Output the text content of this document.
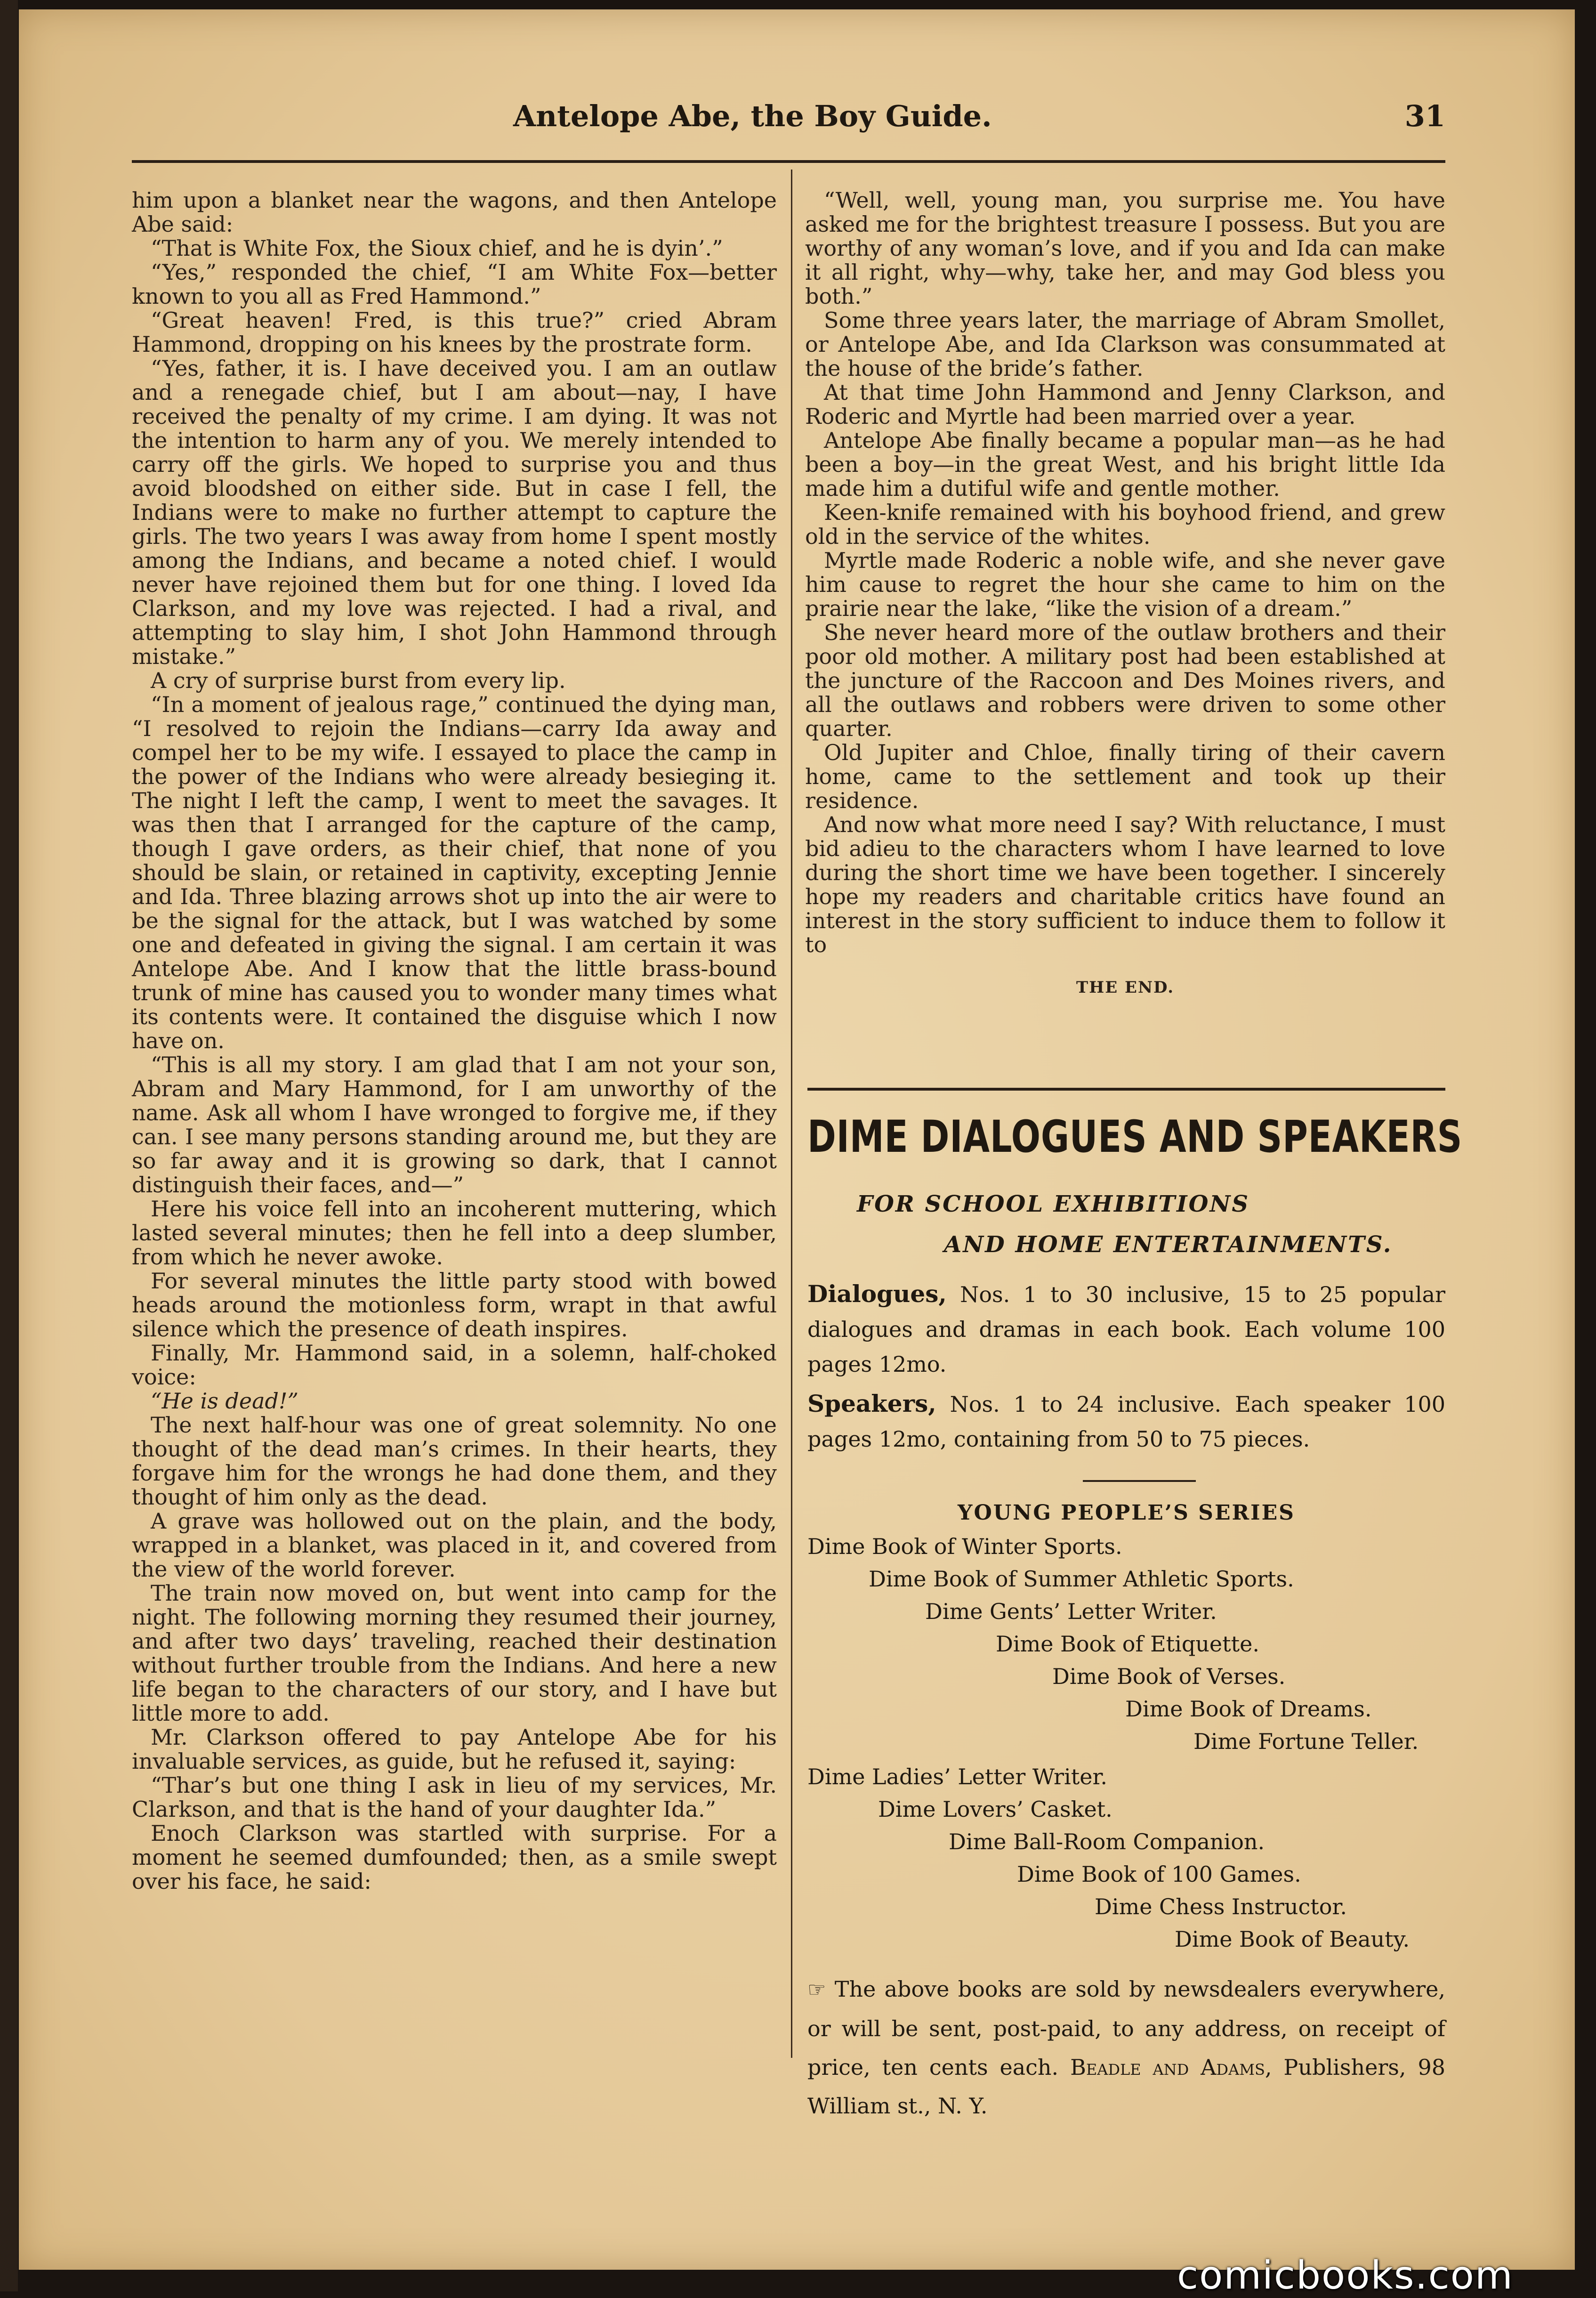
Antelope Abe, the Boy Guide.	31

him upon a blanket near the wagons, and then Antelope Abe said:

“That is White Fox, the Sioux chief, and he is dyin’.”

“Yes,” responded the chief, “I am White Fox—better known to you all as Fred Hammond.”

“Great heaven! Fred, is this true?” cried Abram Hammond, dropping on his knees by the prostrate form.

“Yes, father, it is. I have deceived you. I am an outlaw and a renegade chief, but I am about—nay, I have received the penalty of my crime. I am dying. It was not the intention to harm any of you. We merely intended to carry off the girls. We hoped to surprise you and thus avoid bloodshed on either side. But in case I fell, the Indians were to make no further attempt to capture the girls. The two years I was away from home I spent mostly among the Indians, and became a noted chief. I would never have rejoined them but for one thing. I loved Ida Clarkson, and my love was rejected. I had a rival, and attempting to slay him, I shot John Hammond through mistake.”

A cry of surprise burst from every lip.

“In a moment of jealous rage,” continued the dying man, “I resolved to rejoin the Indians—carry Ida away and compel her to be my wife. I essayed to place the camp in the power of the Indians who were already besieging it. The night I left the camp, I went to meet the savages. It was then that I arranged for the capture of the camp, though I gave orders, as their chief, that none of you should be slain, or retained in captivity, excepting Jennie and Ida. Three blazing arrows shot up into the air were to be the signal for the attack, but I was watched by some one and defeated in giving the signal. I am certain it was Antelope Abe. And I know that the little brass-bound trunk of mine has caused you to wonder many times what its contents were. It contained the disguise which I now have on.

“This is all my story. I am glad that I am not your son, Abram and Mary Hammond, for I am unworthy of the name. Ask all whom I have wronged to forgive me, if they can. I see many persons standing around me, but they are so far away and it is growing so dark, that I cannot distinguish their faces, and—”

Here his voice fell into an incoherent muttering, which lasted several minutes; then he fell into a deep slumber, from which he never awoke.

For several minutes the little party stood with bowed heads around the motionless form, wrapt in that awful silence which the presence of death inspires.

Finally, Mr. Hammond said, in a solemn, half-choked voice:

“He is dead!”

The next half-hour was one of great solemnity. No one thought of the dead man’s crimes. In their hearts, they forgave him for the wrongs he had done them, and they thought of him only as the dead.

A grave was hollowed out on the plain, and the body, wrapped in a blanket, was placed in it, and covered from the view of the world forever.

The train now moved on, but went into camp for the night. The following morning they resumed their journey, and after two days’ traveling, reached their destination without further trouble from the Indians. And here a new life began to the characters of our story, and I have but little more to add.

Mr. Clarkson offered to pay Antelope Abe for his invaluable services, as guide, but he refused it, saying:

“Thar’s but one thing I ask in lieu of my services, Mr. Clarkson, and that is the hand of your daughter Ida.”

Enoch Clarkson was startled with surprise. For a moment he seemed dumfounded; then, as a smile swept over his face, he said:

“Well, well, young man, you surprise me. You have asked me for the brightest treasure I possess. But you are worthy of any woman’s love, and if you and Ida can make it all right, why—why, take her, and may God bless you both.”

Some three years later, the marriage of Abram Smollet, or Antelope Abe, and Ida Clarkson was consummated at the house of the bride’s father.

At that time John Hammond and Jenny Clarkson, and Roderic and Myrtle had been married over a year.

Antelope Abe finally became a popular man—as he had been a boy—in the great West, and his bright little Ida made him a dutiful wife and gentle mother.

Keen-knife remained with his boyhood friend, and grew old in the service of the whites.

Myrtle made Roderic a noble wife, and she never gave him cause to regret the hour she came to him on the prairie near the lake, “like the vision of a dream.”

She never heard more of the outlaw brothers and their poor old mother. A military post had been established at the juncture of the Raccoon and Des Moines rivers, and all the outlaws and robbers were driven to some other quarter.

Old Jupiter and Chloe, finally tiring of their cavern home, came to the settlement and took up their residence.

And now what more need I say? With reluctance, I must bid adieu to the characters whom I have learned to love during the short time we have been together. I sincerely hope my readers and charitable critics have found an interest in the story sufficient to induce them to follow it to

THE END.
DIME DIALOGUES AND SPEAKERS
FOR SCHOOL EXHIBITIONS
AND HOME ENTERTAINMENTS.
Dialogues, Nos. 1 to 30 inclusive, 15 to 25 popular dialogues and dramas in each book. Each volume 100 pages 12mo.
Speakers, Nos. 1 to 24 inclusive. Each speaker 100 pages 12mo, containing from 50 to 75 pieces.
YOUNG PEOPLE’S SERIES
Dime Book of Winter Sports.
Dime Book of Summer Athletic Sports.
Dime Gents’ Letter Writer.
Dime Book of Etiquette.
Dime Book of Verses.
Dime Book of Dreams.
Dime Fortune Teller.
Dime Ladies’ Letter Writer.
Dime Lovers’ Casket.
Dime Ball-Room Companion.
Dime Book of 100 Games.
Dime Chess Instructor.
Dime Book of Beauty.
☞ The above books are sold by newsdealers everywhere, or will be sent, post-paid, to any address, on receipt of price, ten cents each. Beadle and Adams, Publishers, 98 William st., N. Y.
comicbooks.com
